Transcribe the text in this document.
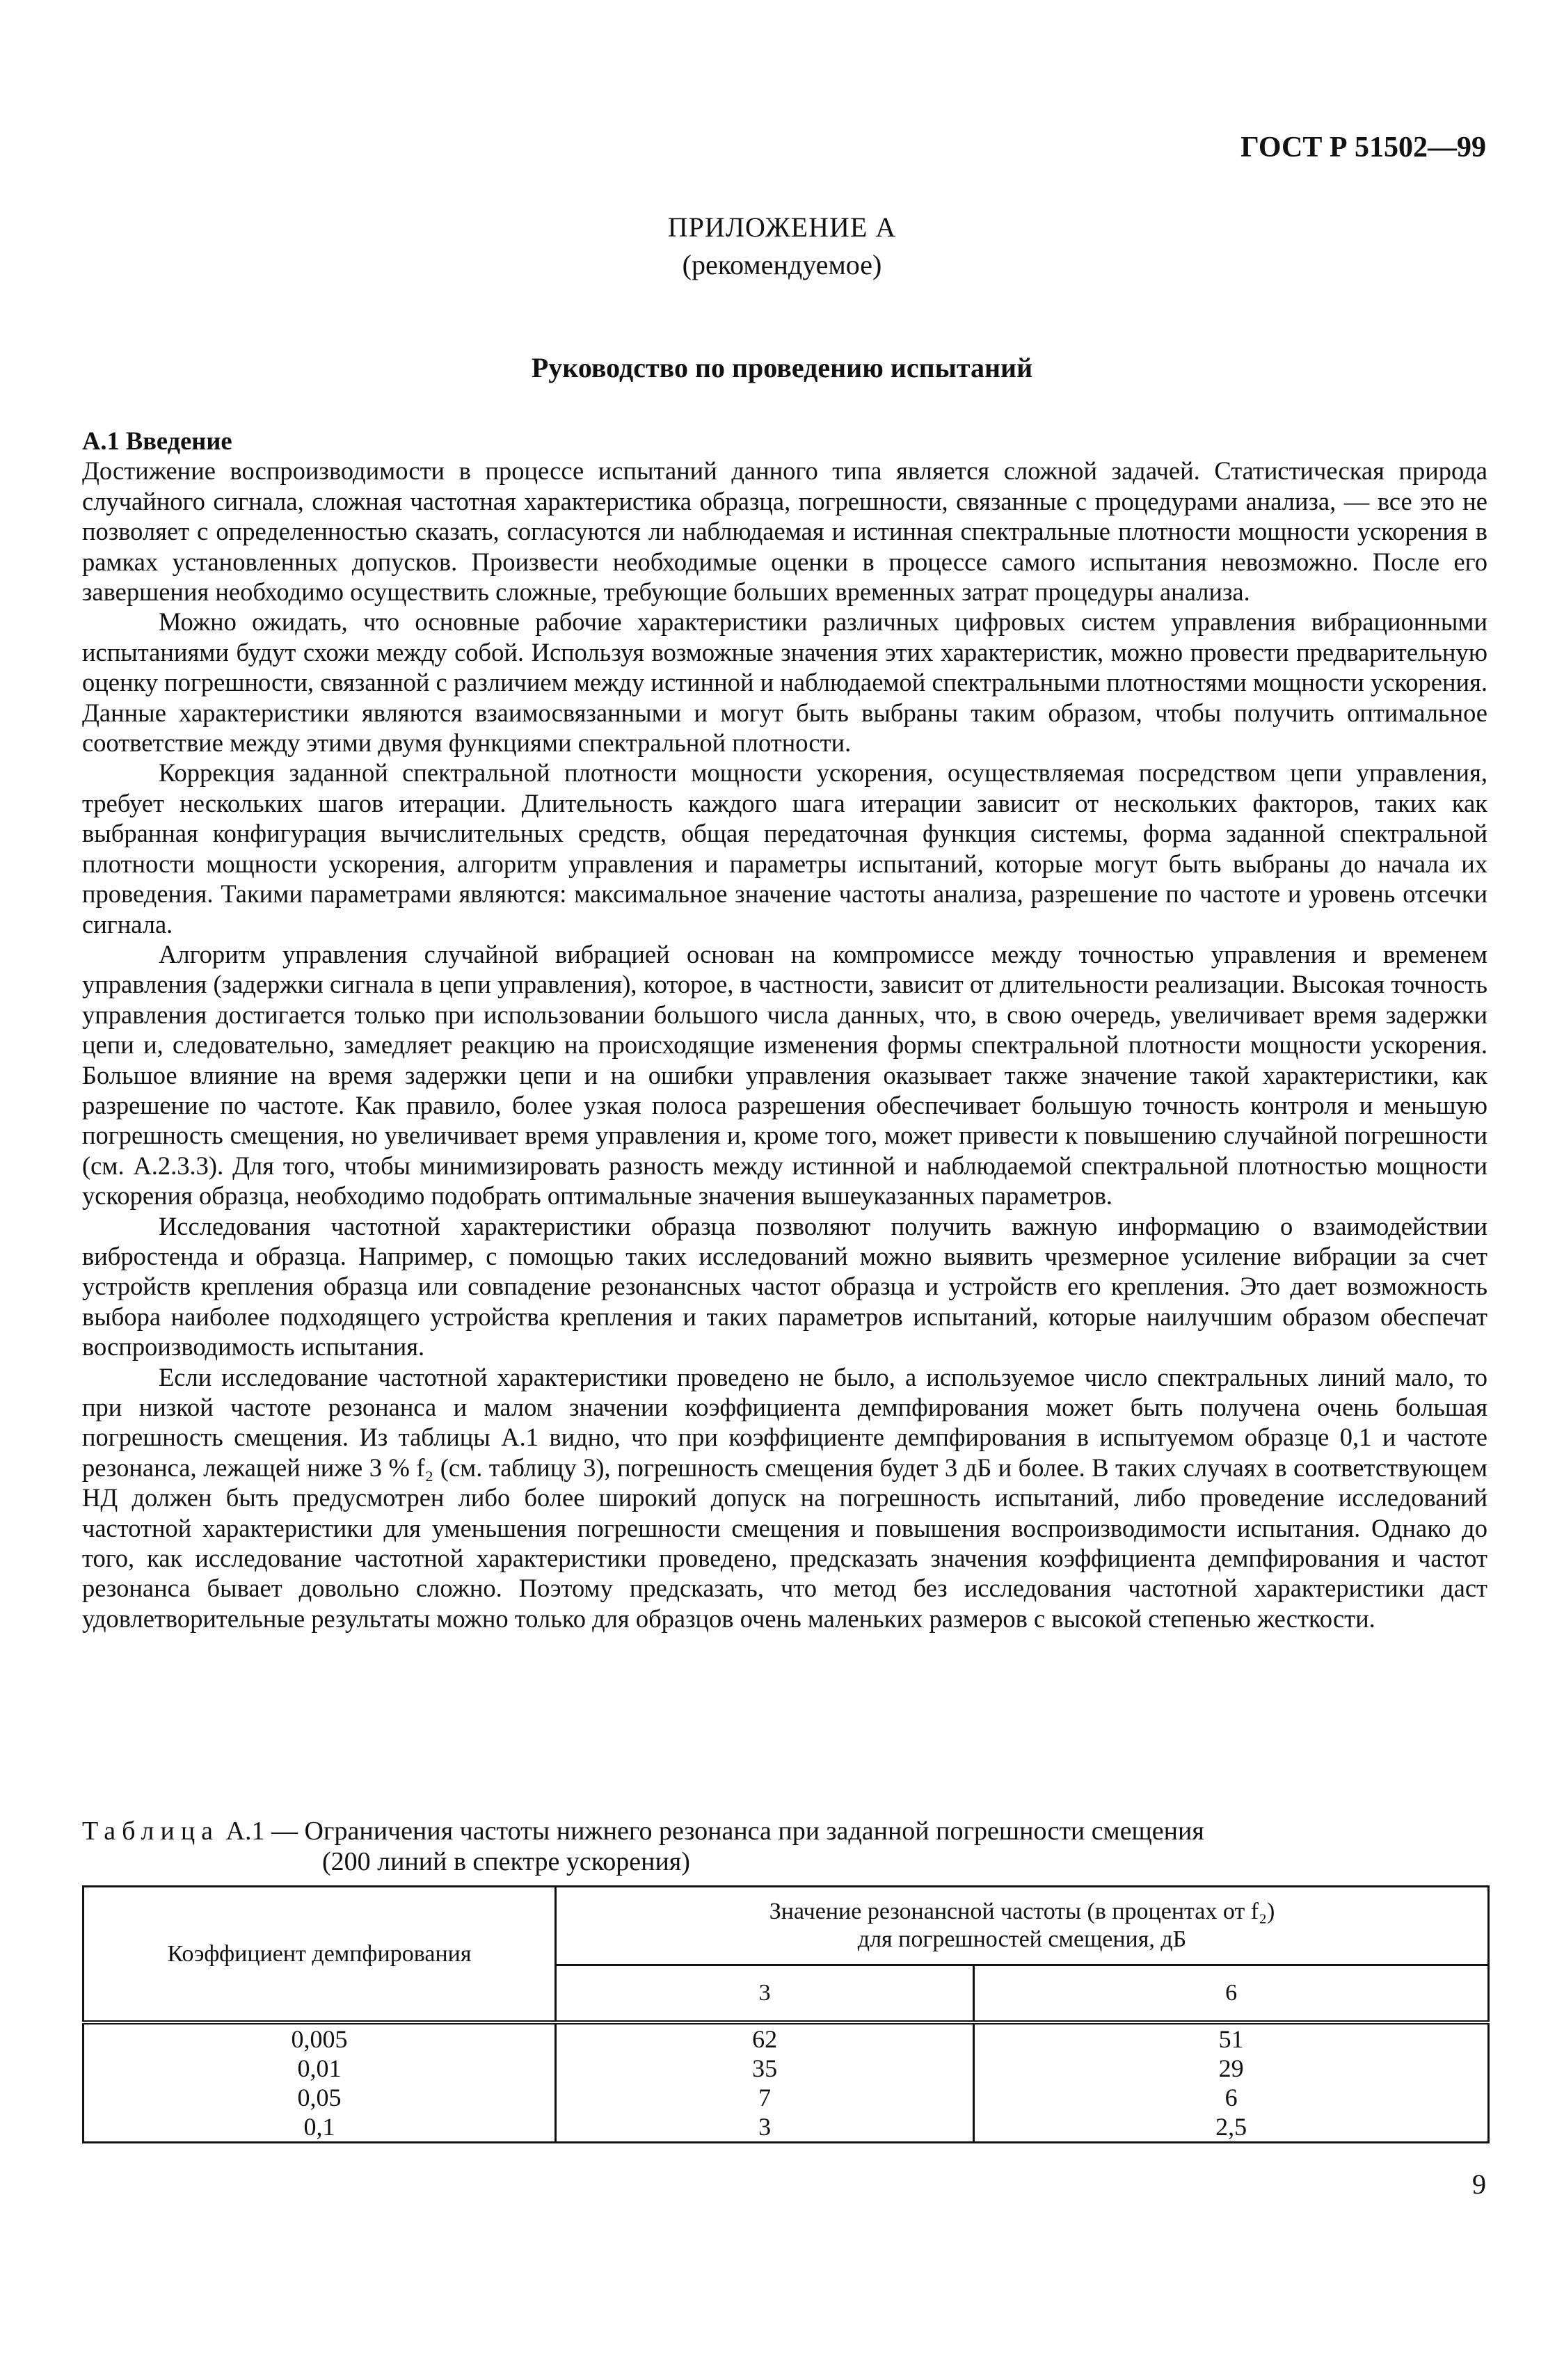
ГОСТ Р 51502—99
ПРИЛОЖЕНИЕ А
(рекомендуемое)
Руководство по проведению испытаний
А.1 Введение

Достижение воспроизводимости в процессе испытаний данного типа является сложной задачей. Статистическая природа случайного сигнала, сложная частотная характеристика образца, погрешности, связанные с процедурами анализа, — все это не позволяет с определенностью сказать, согласуются ли наблюдаемая и истинная спектральные плотности мощности ускорения в рамках установленных допусков. Произвести необходимые оценки в процессе самого испытания невозможно. После его завершения необходимо осуществить сложные, требующие больших временных затрат процедуры анализа.

Можно ожидать, что основные рабочие характеристики различных цифровых систем управления вибрационными испытаниями будут схожи между собой. Используя возможные значения этих характеристик, можно провести предварительную оценку погрешности, связанной с различием между истинной и наблюдаемой спектральными плотностями мощности ускорения. Данные характеристики являются взаимосвязанными и могут быть выбраны таким образом, чтобы получить оптимальное соответствие между этими двумя функциями спектральной плотности.

Коррекция заданной спектральной плотности мощности ускорения, осуществляемая посредством цепи управления, требует нескольких шагов итерации. Длительность каждого шага итерации зависит от нескольких факторов, таких как выбранная конфигурация вычислительных средств, общая передаточная функция системы, форма заданной спектральной плотности мощности ускорения, алгоритм управления и параметры испытаний, которые могут быть выбраны до начала их проведения. Такими параметрами являются: максимальное значение частоты анализа, разрешение по частоте и уровень отсечки сигнала.

Алгоритм управления случайной вибрацией основан на компромиссе между точностью управления и временем управления (задержки сигнала в цепи управления), которое, в частности, зависит от длительности реализации. Высокая точность управления достигается только при использовании большого числа данных, что, в свою очередь, увеличивает время задержки цепи и, следовательно, замедляет реакцию на происходящие изменения формы спектральной плотности мощности ускорения. Большое влияние на время задержки цепи и на ошибки управления оказывает также значение такой характеристики, как разрешение по частоте. Как правило, более узкая полоса разрешения обеспечивает большую точность контроля и меньшую погрешность смещения, но увеличивает время управления и, кроме того, может привести к повышению случайной погрешности (см. А.2.3.3). Для того, чтобы минимизировать разность между истинной и наблюдаемой спектральной плотностью мощности ускорения образца, необходимо подобрать оптимальные значения вышеуказанных параметров.

Исследования частотной характеристики образца позволяют получить важную информацию о взаимодействии вибростенда и образца. Например, с помощью таких исследований можно выявить чрезмерное усиление вибрации за счет устройств крепления образца или совпадение резонансных частот образца и устройств его крепления. Это дает возможность выбора наиболее подходящего устройства крепления и таких параметров испытаний, которые наилучшим образом обеспечат воспроизводимость испытания.

Если исследование частотной характеристики проведено не было, а используемое число спектральных линий мало, то при низкой частоте резонанса и малом значении коэффициента демпфирования может быть получена очень большая погрешность смещения. Из таблицы А.1 видно, что при коэффициенте демпфирования в испытуемом образце 0,1 и частоте резонанса, лежащей ниже 3 % f₂ (см. таблицу 3), погрешность смещения будет 3 дБ и более. В таких случаях в соответствующем НД должен быть предусмотрен либо более широкий допуск на погрешность испытаний, либо проведение исследований частотной характеристики для уменьшения погрешности смещения и повышения воспроизводимости испытания. Однако до того, как исследование частотной характеристики проведено, предсказать значения коэффициента демпфирования и частот резонанса бывает довольно сложно. Поэтому предсказать, что метод без исследования частотной характеристики даст удовлетворительные результаты можно только для образцов очень маленьких размеров с высокой степенью жесткости.

Таблица А.1 — Ограничения частоты нижнего резонанса при заданной погрешности смещения
(200 линий в спектре ускорения)
Коэффициент демпфирования	Значение резонансной частоты (в процентах от f₂)
для погрешностей смещения, дБ	
	3	6
0,005	62	51
0,01	35	29
0,05	7	6
0,1	3	2,5
9
